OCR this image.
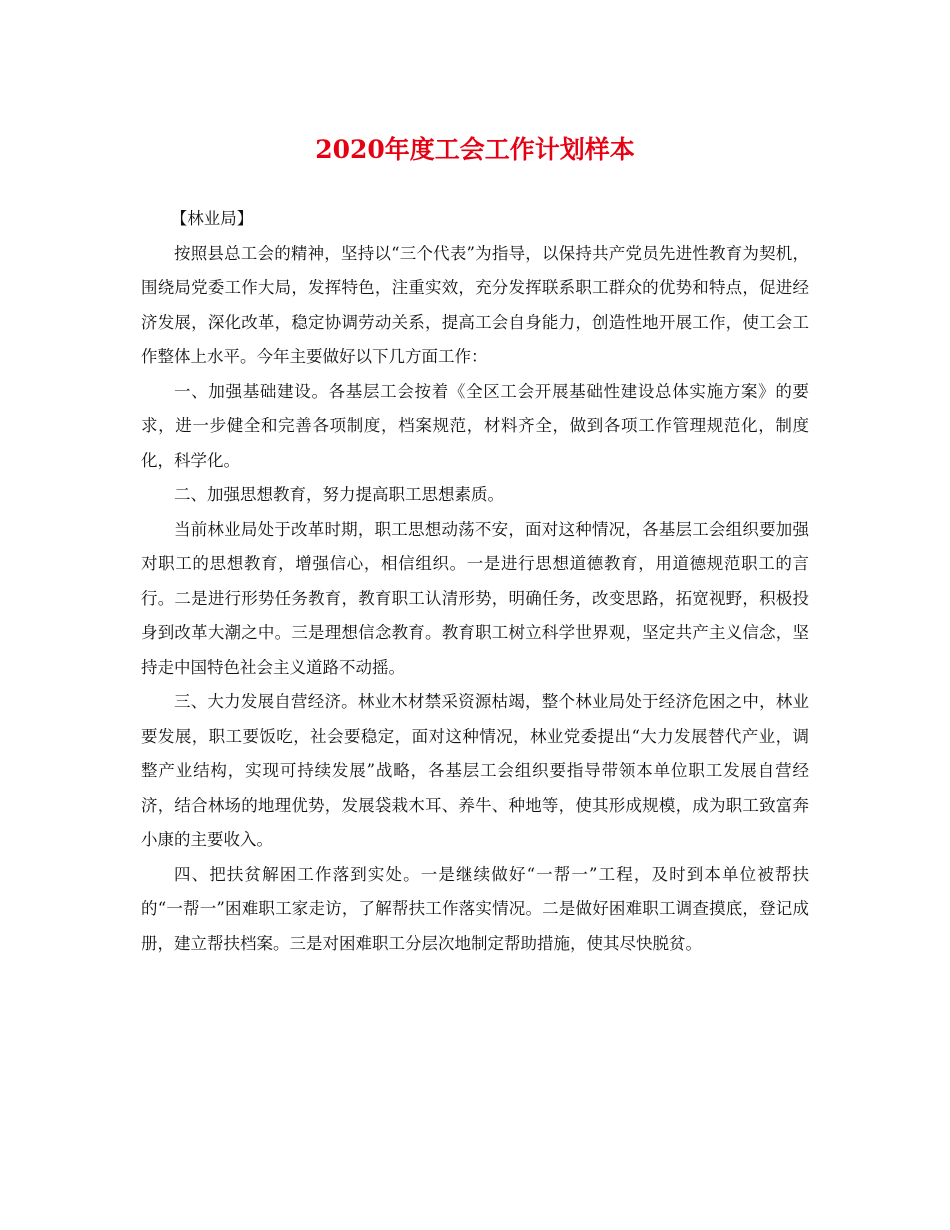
2020年度工会工作计划样本

【林业局】

按照县总工会的精神，坚持以“三个代表”为指导，以保持共产党员先进性教育为契机，围绕局党委工作大局，发挥特色，注重实效，充分发挥联系职工群众的优势和特点，促进经济发展，深化改革，稳定协调劳动关系，提高工会自身能力，创造性地开展工作，使工会工作整体上水平。今年主要做好以下几方面工作：

一、加强基础建设。各基层工会按着《全区工会开展基础性建设总体实施方案》的要求，进一步健全和完善各项制度，档案规范，材料齐全，做到各项工作管理规范化，制度化，科学化。

二、加强思想教育，努力提高职工思想素质。

当前林业局处于改革时期，职工思想动荡不安，面对这种情况，各基层工会组织要加强对职工的思想教育，增强信心，相信组织。一是进行思想道德教育，用道德规范职工的言行。二是进行形势任务教育，教育职工认清形势，明确任务，改变思路，拓宽视野，积极投身到改革大潮之中。三是理想信念教育。教育职工树立科学世界观，坚定共产主义信念，坚持走中国特色社会主义道路不动摇。

三、大力发展自营经济。林业木材禁采资源枯竭，整个林业局处于经济危困之中，林业要发展，职工要饭吃，社会要稳定，面对这种情况，林业党委提出“大力发展替代产业，调整产业结构，实现可持续发展”战略，各基层工会组织要指导带领本单位职工发展自营经济，结合林场的地理优势，发展袋栽木耳、养牛、种地等，使其形成规模，成为职工致富奔小康的主要收入。

四、把扶贫解困工作落到实处。一是继续做好“一帮一”工程，及时到本单位被帮扶的“一帮一”困难职工家走访，了解帮扶工作落实情况。二是做好困难职工调查摸底，登记成册，建立帮扶档案。三是对困难职工分层次地制定帮助措施，使其尽快脱贫。
